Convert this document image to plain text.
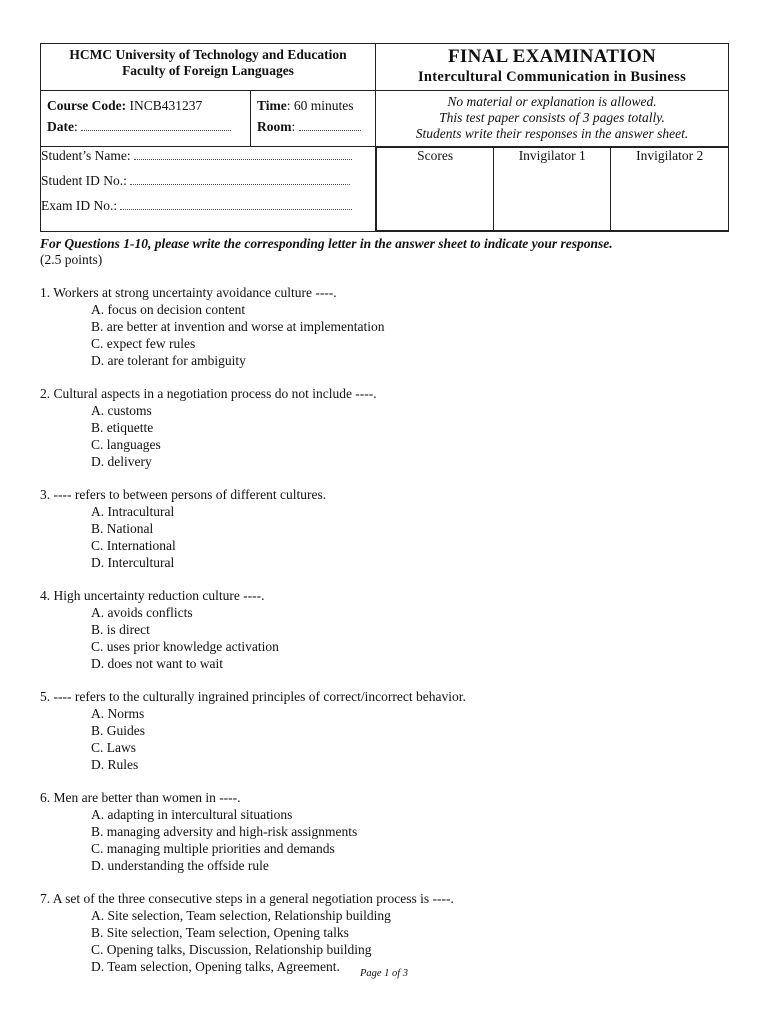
HCMC University of Technology and Education
Faculty of Foreign Languages

FINAL EXAMINATION
Intercultural Communication in Business

Course Code: INCB431237
Date:

Time: 60 minutes
Room:

No material or explanation is allowed.
This test paper consists of 3 pages totally.
Students write their responses in the answer sheet.

Student’s Name:
Student ID No.:
Exam ID No.:

Scores	Invigilator 1	Invigilator 2
For Questions 1-10, please write the corresponding letter in the answer sheet to indicate your response.
(2.5 points)
1. Workers at strong uncertainty avoidance culture ----.
A. focus on decision content
B. are better at invention and worse at implementation
C. expect few rules
D. are tolerant for ambiguity
2. Cultural aspects in a negotiation process do not include ----.
A. customs
B. etiquette
C. languages
D. delivery
3. ---- refers to between persons of different cultures.
A. Intracultural
B. National
C. International
D. Intercultural
4. High uncertainty reduction culture ----.
A. avoids conflicts
B. is direct
C. uses prior knowledge activation
D. does not want to wait
5. ---- refers to the culturally ingrained principles of correct/incorrect behavior.
A. Norms
B. Guides
C. Laws
D. Rules
6. Men are better than women in ----.
A. adapting in intercultural situations
B. managing adversity and high-risk assignments
C. managing multiple priorities and demands
D. understanding the offside rule
7. A set of the three consecutive steps in a general negotiation process is ----.
A. Site selection, Team selection, Relationship building
B. Site selection, Team selection, Opening talks
C. Opening talks, Discussion, Relationship building
D. Team selection, Opening talks, Agreement.	Page 1 of 3
